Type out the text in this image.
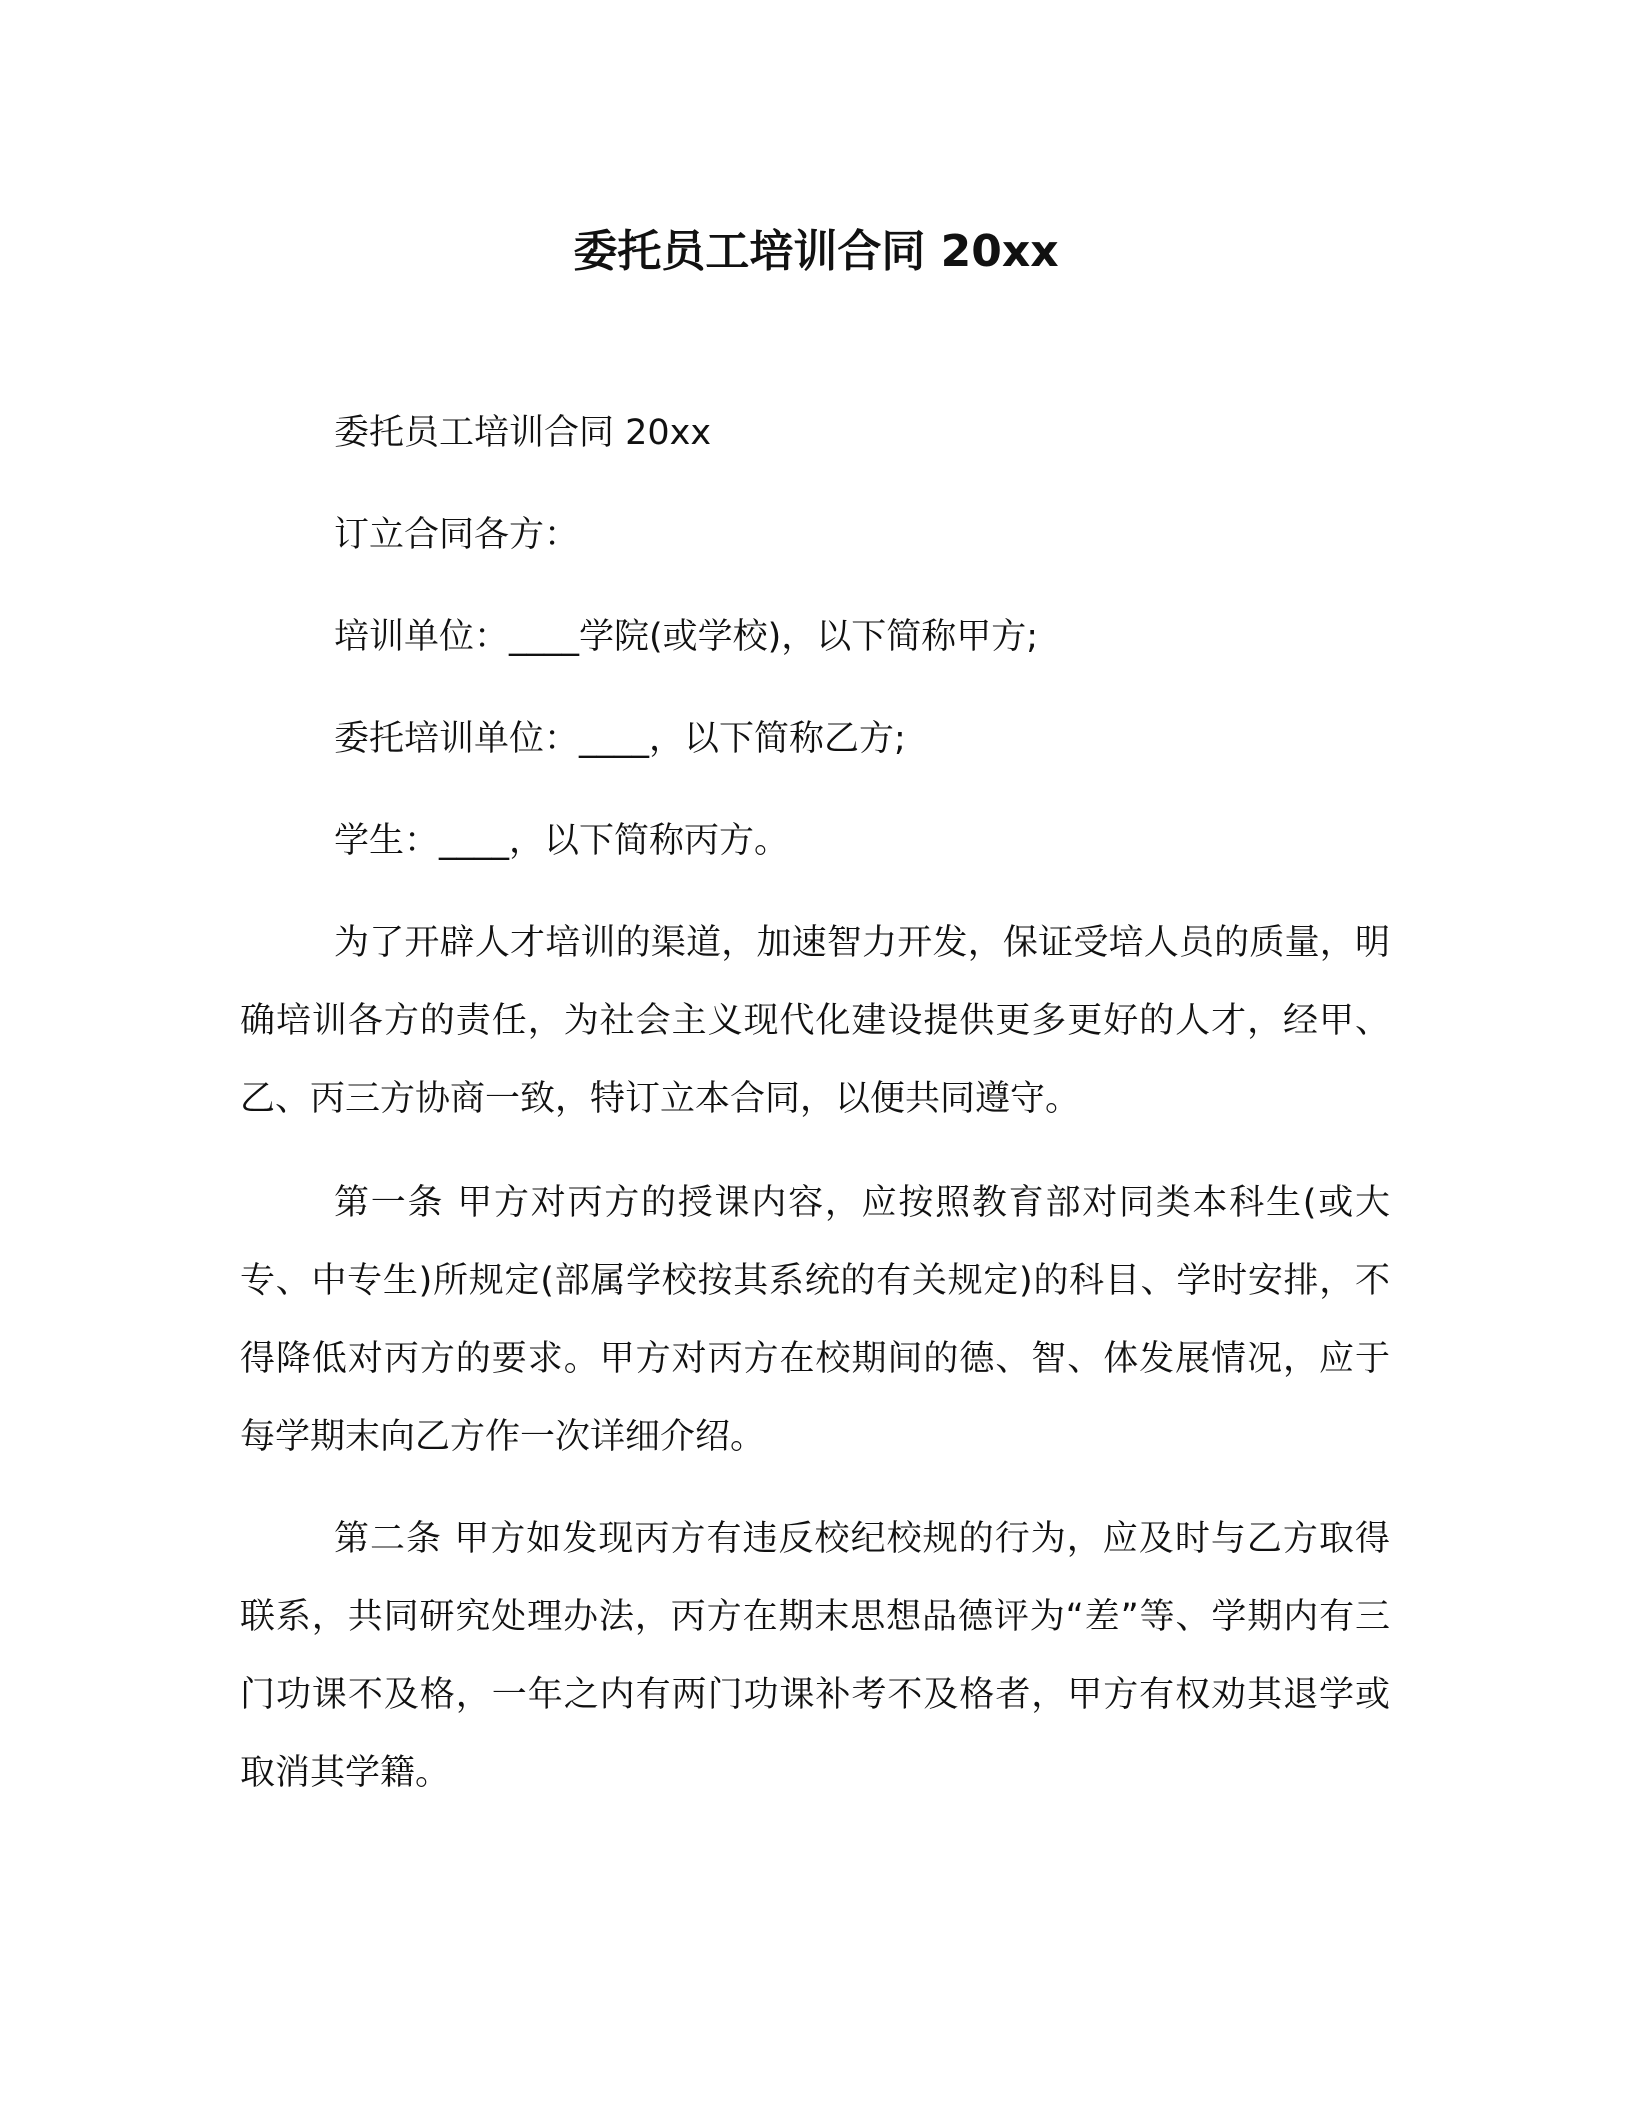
委托员工培训合同 20xx
委托员工培训合同 20xx
订立合同各方：
培训单位：____学院(或学校)，以下简称甲方;
委托培训单位：____，以下简称乙方;
学生：____，以下简称丙方。
为了开辟人才培训的渠道，加速智力开发，保证受培人员的质量，明确培训各方的责任，为社会主义现代化建设提供更多更好的人才，经甲、乙、丙三方协商一致，特订立本合同，以便共同遵守。
第一条 甲方对丙方的授课内容，应按照教育部对同类本科生(或大专、中专生)所规定(部属学校按其系统的有关规定)的科目、学时安排，不得降低对丙方的要求。甲方对丙方在校期间的德、智、体发展情况，应于每学期末向乙方作一次详细介绍。
第二条 甲方如发现丙方有违反校纪校规的行为，应及时与乙方取得联系，共同研究处理办法，丙方在期末思想品德评为“差”等、学期内有三门功课不及格，一年之内有两门功课补考不及格者，甲方有权劝其退学或取消其学籍。
